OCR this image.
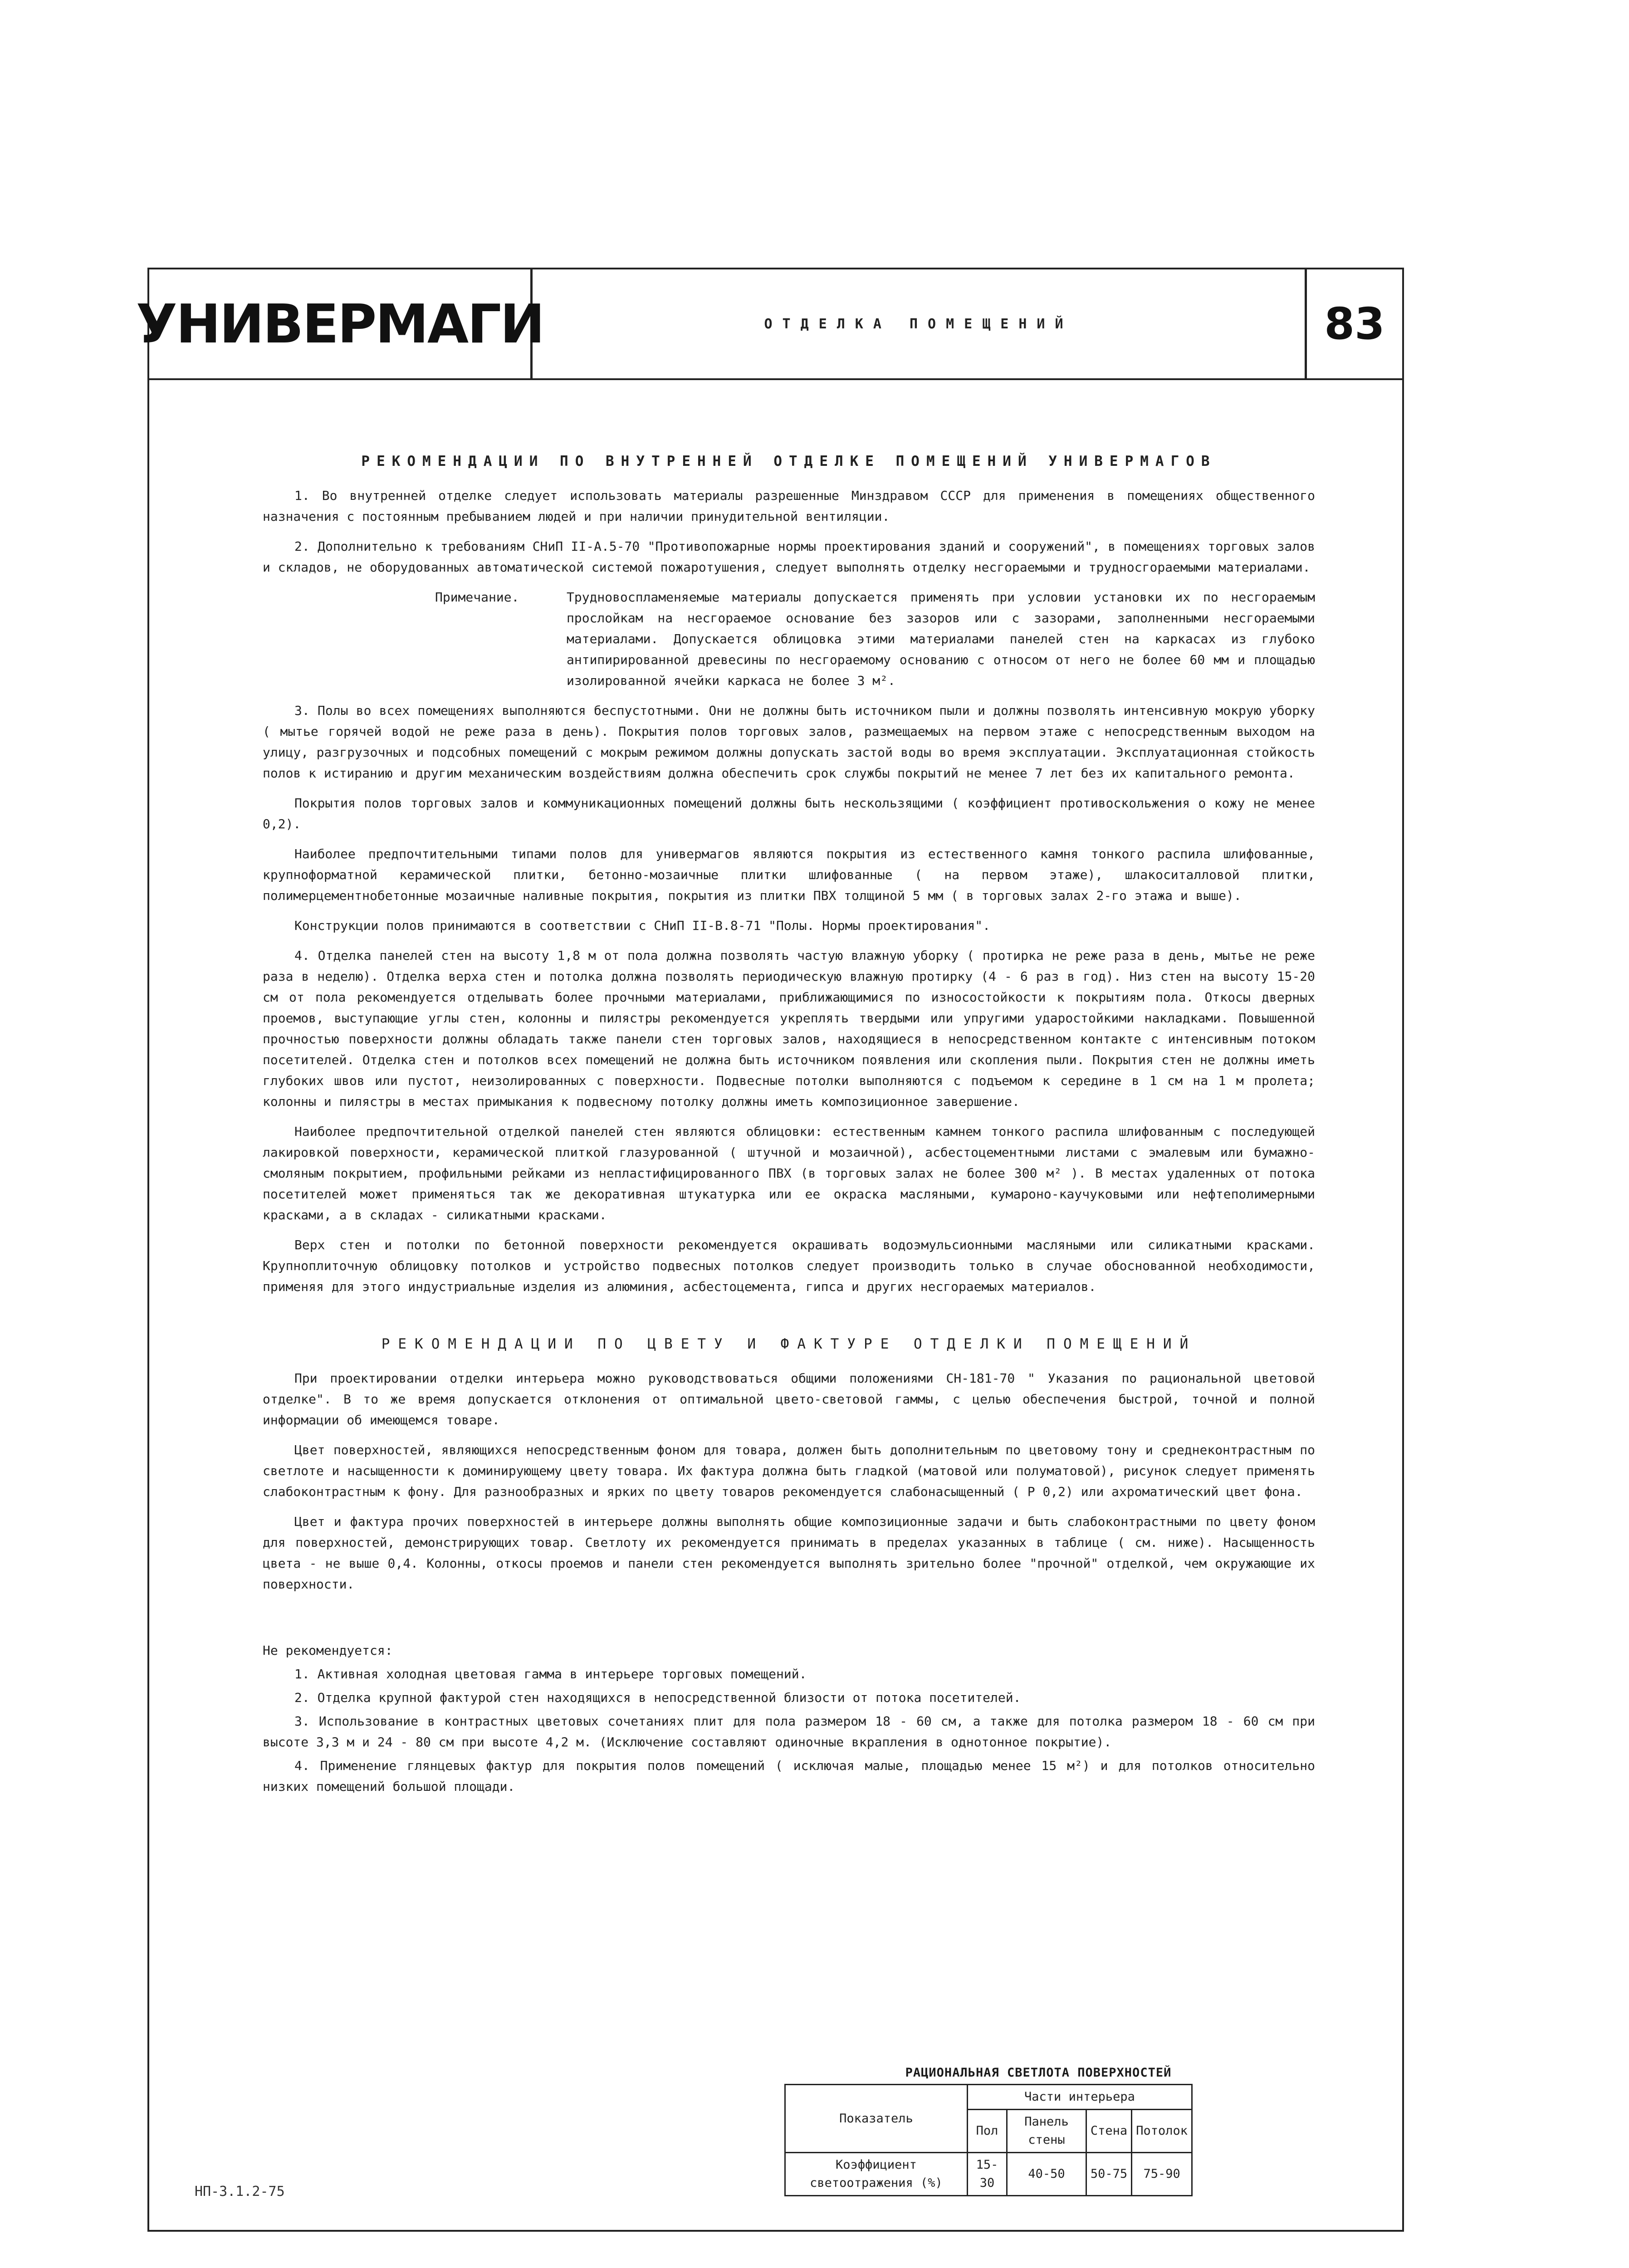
УНИВЕРМАГИ	ОТДЕЛКА ПОМЕЩЕНИЙ	83
РЕКОМЕНДАЦИИ ПО ВНУТРЕННЕЙ ОТДЕЛКЕ ПОМЕЩЕНИЙ УНИВЕРМАГОВ

1. Во внутренней отделке следует использовать материалы разрешенные Минздравом СССР для применения в помещениях общественного назначения с постоянным пребыванием людей и при наличии принудительной вентиляции.

2. Дополнительно к требованиям СНиП II-А.5-70 "Противопожарные нормы проектирования зданий и сооружений", в помещениях торговых залов и складов, не оборудованных автоматической системой пожаротушения, следует выполнять отделку несгораемыми и трудносгораемыми материалами.

Примечание.	Трудновоспламеняемые материалы допускается применять при условии установки их по несгораемым прослойкам на несгораемое основание без зазоров или с зазорами, заполненными несгораемыми материалами. Допускается облицовка этими материалами панелей стен на каркасах из глубоко антипирированной древесины по несгораемому основанию с относом от него не более 60 мм и площадью изолированной ячейки каркаса не более 3 м².

3. Полы во всех помещениях выполняются беспустотными. Они не должны быть источником пыли и должны позволять интенсивную мокрую уборку ( мытье горячей водой не реже раза в день). Покрытия полов торговых залов, размещаемых на первом этаже с непосредственным выходом на улицу, разгрузочных и подсобных помещений с мокрым режимом должны допускать застой воды во время эксплуатации. Эксплуатационная стойкость полов к истиранию и другим механическим воздействиям должна обеспечить срок службы покрытий не менее 7 лет без их капитального ремонта.

Покрытия полов торговых залов и коммуникационных помещений должны быть нескользящими ( коэффициент противоскольжения о кожу не менее 0,2).

Наиболее предпочтительными типами полов для универмагов являются покрытия из естественного камня тонкого распила шлифованные, крупноформатной керамической плитки, бетонно-мозаичные плитки шлифованные ( на первом этаже), шлакоситалловой плитки, полимерцементнобетонные мозаичные наливные покрытия, покрытия из плитки ПВХ толщиной 5 мм ( в торговых залах 2-го этажа и выше).

Конструкции полов принимаются в соответствии с СНиП II-В.8-71 "Полы. Нормы проектирования".

4. Отделка панелей стен на высоту 1,8 м от пола должна позволять частую влажную уборку ( протирка не реже раза в день, мытье не реже раза в неделю). Отделка верха стен и потолка должна позволять периодическую влажную протирку (4 - 6 раз в год). Низ стен на высоту 15-20 см от пола рекомендуется отделывать более прочными материалами, приближающимися по износостойкости к покрытиям пола. Откосы дверных проемов, выступающие углы стен, колонны и пилястры рекомендуется укреплять твердыми или упругими ударостойкими накладками. Повышенной прочностью поверхности должны обладать также панели стен торговых залов, находящиеся в непосредственном контакте с интенсивным потоком посетителей. Отделка стен и потолков всех помещений не должна быть источником появления или скопления пыли. Покрытия стен не должны иметь глубоких швов или пустот, неизолированных с поверхности. Подвесные потолки выполняются с подъемом к середине в 1 см на 1 м пролета; колонны и пилястры в местах примыкания к подвесному потолку должны иметь композиционное завершение.

Наиболее предпочтительной отделкой панелей стен являются облицовки: естественным камнем тонкого распила шлифованным с последующей лакировкой поверхности, керамической плиткой глазурованной ( штучной и мозаичной), асбестоцементными листами с эмалевым или бумажно-смоляным покрытием, профильными рейками из непластифицированного ПВХ (в торговых залах не более 300 м² ). В местах удаленных от потока посетителей может применяться так же декоративная штукатурка или ее окраска масляными, кумароно-каучуковыми или нефтеполимерными красками, а в складах - силикатными красками.

Верх стен и потолки по бетонной поверхности рекомендуется окрашивать водоэмульсионными масляными или силикатными красками. Крупноплиточную облицовку потолков и устройство подвесных потолков следует производить только в случае обоснованной необходимости, применяя для этого индустриальные изделия из алюминия, асбестоцемента, гипса и других несгораемых материалов.

РЕКОМЕНДАЦИИ ПО ЦВЕТУ И ФАКТУРЕ ОТДЕЛКИ ПОМЕЩЕНИЙ

При проектировании отделки интерьера можно руководствоваться общими положениями СН-181-70 " Указания по рациональной цветовой отделке". В то же время допускается отклонения от оптимальной цвето-световой гаммы, с целью обеспечения быстрой, точной и полной информации об имеющемся товаре.

Цвет поверхностей, являющихся непосредственным фоном для товара, должен быть дополнительным по цветовому тону и среднеконтрастным по светлоте и насыщенности к доминирующему цвету товара. Их фактура должна быть гладкой (матовой или полуматовой), рисунок следует применять слабоконтрастным к фону. Для разнообразных и ярких по цвету товаров рекомендуется слабонасыщенный ( Р 0,2) или ахроматический цвет фона.

Цвет и фактура прочих поверхностей в интерьере должны выполнять общие композиционные задачи и быть слабоконтрастными по цвету фоном для поверхностей, демонстрирующих товар. Светлоту их рекомендуется принимать в пределах указанных в таблице ( см. ниже). Насыщенность цвета - не выше 0,4. Колонны, откосы проемов и панели стен рекомендуется выполнять зрительно более "прочной" отделкой, чем окружающие их поверхности.

Не рекомендуется:

1. Активная холодная цветовая гамма в интерьере торговых помещений.

2. Отделка крупной фактурой стен находящихся в непосредственной близости от потока посетителей.

3. Использование в контрастных цветовых сочетаниях плит для пола размером 18 - 60 см, а также для потолка размером 18 - 60 см при высоте 3,3 м и 24 - 80 см при высоте 4,2 м. (Исключение составляют одиночные вкрапления в однотонное покрытие).

4. Применение глянцевых фактур для покрытия полов помещений ( исключая малые, площадью менее 15 м²) и для потолков относительно низких помещений большой площади.

РАЦИОНАЛЬНАЯ СВЕТЛОТА ПОВЕРХНОСТЕЙ
Показатель	Части интерьера			
	Пол	Панель стены	Стена	Потолок
Коэффициент светоотражения (%)	15-30	40-50	50-75	75-90
НП-3.1.2-75
